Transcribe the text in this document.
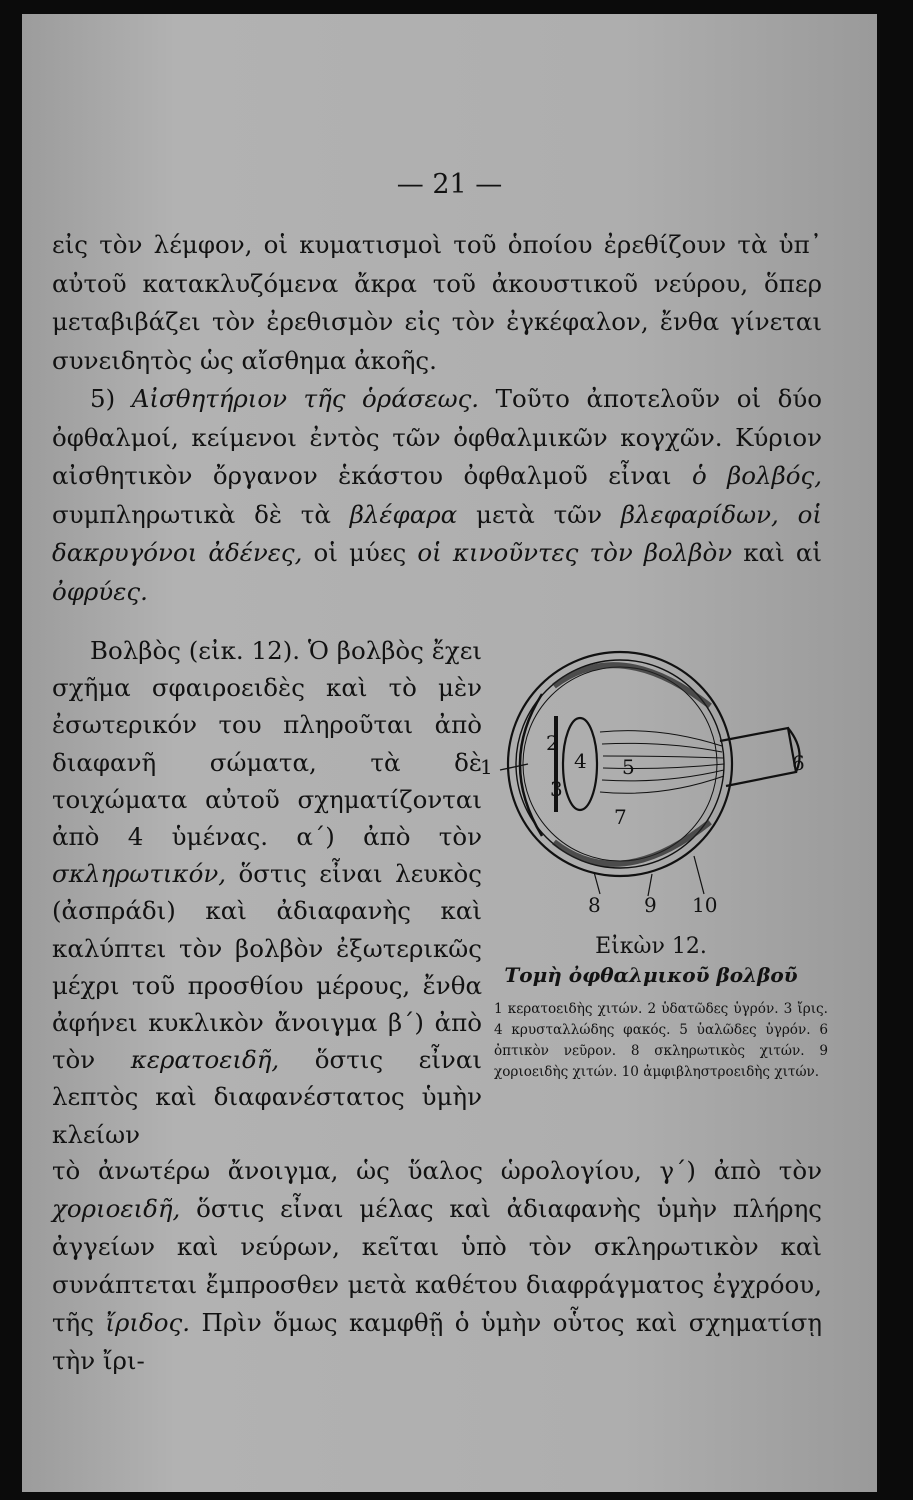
— 21 —

εἰς τὸν λέμφον, οἱ κυματισμοὶ τοῦ ὁποίου ἐρεθίζουν τὰ ὑπ᾿ αὐτοῦ κατακλυζόμενα ἄκρα τοῦ ἀκουστικοῦ νεύρου, ὅπερ μεταβιβάζει τὸν ἐρεθισμὸν εἰς τὸν ἐγκέφαλον, ἔνθα γίνεται συνειδητὸς ὡς αἴσθημα ἀκοῆς.

5) Αἰσθητήριον τῆς ὁράσεως. Τοῦτο ἀποτελοῦν οἱ δύο ὀφθαλμοί, κείμενοι ἐντὸς τῶν ὀφθαλμικῶν κογχῶν. Κύριον αἰσθητικὸν ὄργανον ἑκάστου ὀφθαλμοῦ εἶναι ὁ βολβός, συμπληρωτικὰ δὲ τὰ βλέφαρα μετὰ τῶν βλεφαρίδων, οἱ δακρυγόνοι ἀδένες, οἱ μύες οἱ κινοῦντες τὸν βολβὸν καὶ αἱ ὀφρύες.

Βολβὸς (εἰκ. 12). Ὁ βολβὸς ἔχει σχῆμα σφαιροειδὲς καὶ τὸ μὲν ἐσωτερικόν του πληροῦται ἀπὸ διαφανῆ σώματα, τὰ δὲ τοιχώματα αὐτοῦ σχηματίζονται ἀπὸ 4 ὑμένας. α΄) ἀπὸ τὸν σκληρωτικόν, ὅστις εἶναι λευκὸς (ἀσπράδι) καὶ ἀδιαφανὴς καὶ καλύπτει τὸν βολβὸν ἐξωτερικῶς μέχρι τοῦ προσθίου μέρους, ἔνθα ἀφήνει κυκλικὸν ἄνοιγμα β΄) ἀπὸ τὸν κερατοειδῆ, ὅστις εἶναι λεπτὸς καὶ διαφανέστατος ὑμὴν κλείων

1
2
3
4 5	6
7
8 9 10
Εἰκὼν 12.
Τομὴ ὀφθαλμικοῦ βολβοῦ
1 κερατοειδὴς χιτών. 2 ὑδατῶδες ὑγρόν. 3 ἴρις. 4 κρυσταλλώδης φακός. 5 ὑαλῶδες ὑγρόν. 6 ὀπτικὸν νεῦρον. 8 σκληρωτικὸς χιτών. 9 χοριοειδὴς χιτών. 10 ἀμφιβληστροειδὴς χιτών.

τὸ ἀνωτέρω ἄνοιγμα, ὡς ὕαλος ὡρολογίου, γ΄) ἀπὸ τὸν χοριοειδῆ, ὅστις εἶναι μέλας καὶ ἀδιαφανὴς ὑμὴν πλήρης ἀγγείων καὶ νεύρων, κεῖται ὑπὸ τὸν σκληρωτικὸν καὶ συνάπτεται ἔμπροσθεν μετὰ καθέτου διαφράγματος ἐγχρόου, τῆς ἴριδος. Πρὶν ὅμως καμφθῇ ὁ ὑμὴν οὗτος καὶ σχηματίσῃ τὴν ἴρι-
